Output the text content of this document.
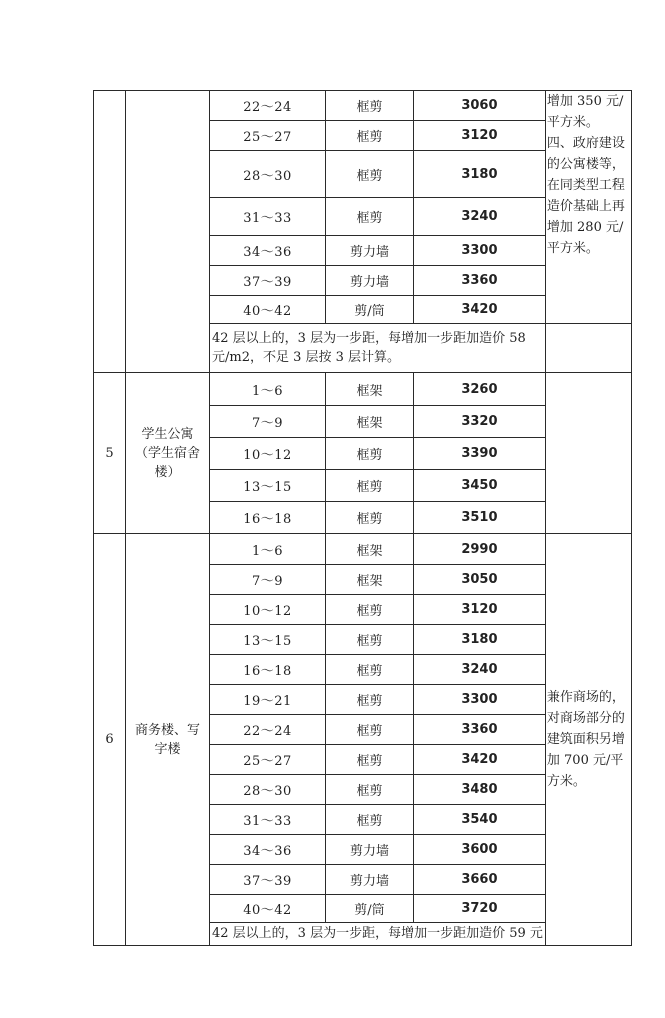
		22～24	框剪	3060	增加 350 元/平方米。
四、政府建设的公寓楼等，在同类型工程造价基础上再增加 280 元/平方米。
		25～27	框剪	3120	
		28～30	框剪	3180	
		31～33	框剪	3240	
		34～36	剪力墙	3300	
		37～39	剪力墙	3360	
		40～42	剪/筒	3420	
		42 层以上的，3 层为一步距，每增加一步距加造价 58 元/m2，不足 3 层按 3 层计算。			
5	学生公寓（学生宿舍楼）	1～6	框架	3260	
		7～9	框架	3320	
		10～12	框剪	3390	
		13～15	框剪	3450	
		16～18	框剪	3510	
6	商务楼、写字楼	1～6	框架	2990	兼作商场的，对商场部分的建筑面积另增加 700 元/平方米。
		7～9	框架	3050	
		10～12	框剪	3120	
		13～15	框剪	3180	
		16～18	框剪	3240	
		19～21	框剪	3300	
		22～24	框剪	3360	
		25～27	框剪	3420	
		28～30	框剪	3480	
		31～33	框剪	3540	
		34～36	剪力墙	3600	
		37～39	剪力墙	3660	
		40～42	剪/筒	3720	
		42 层以上的，3 层为一步距，每增加一步距加造价 59 元			
